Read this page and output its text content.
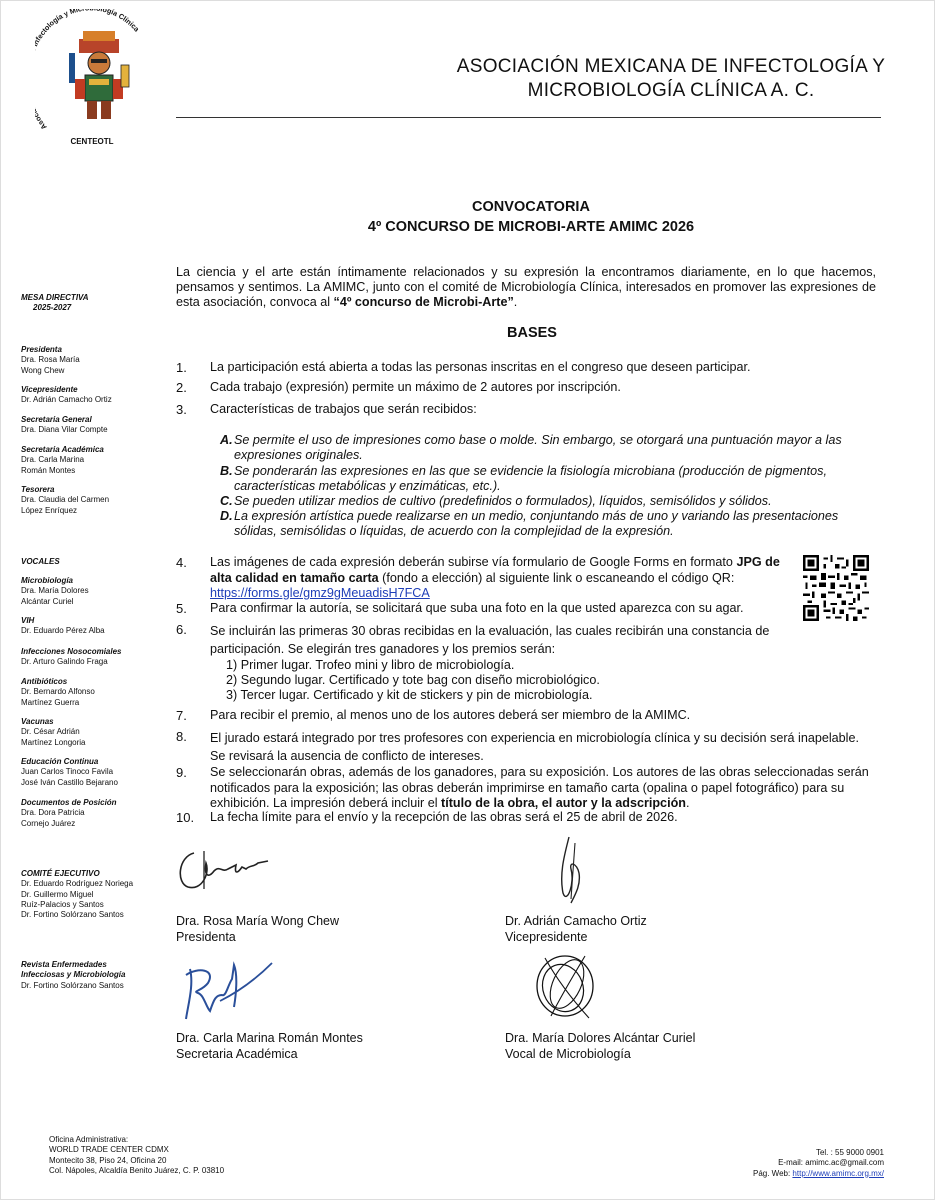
As ectología y Mi ogía Clínica
CENTEOTL
ASOCIACIÓN MEXICANA DE INFECTOLOGÍA Y
MICROBIOLOGÍA CLÍNICA A. C.
CONVOCATORIA
4º CONCURSO DE MICROBI-ARTE AMIMC 2026
MESA DIRECTIVA
2025-2027
Presidenta
Dra. Rosa María
Wong Chew
Vicepresidente
Dr. Adrián Camacho Ortiz
Secretaria General
Dra. Diana Vilar Compte
Secretaria Académica
Dra. Carla Marina
Román Montes
Tesorera
Dra. Claudia del Carmen
López Enríquez
VOCALES
Microbiología
Dra. María Dolores
Alcántar Curiel
VIH
Dr. Eduardo Pérez Alba
Infecciones Nosocomiales
Dr. Arturo Galindo Fraga
Antibióticos
Dr. Bernardo Alfonso
Martínez Guerra
Vacunas
Dr. César Adrián
Martínez Longoria
Educación Continua
Juan Carlos Tinoco Favila
José Iván Castillo Bejarano
Documentos de Posición
Dra. Dora Patricia
Cornejo Juárez
COMITÉ EJECUTIVO
Dr. Eduardo Rodríguez Noriega
Dr. Guillermo Miguel
Ruíz-Palacios y Santos
Dr. Fortino Solórzano Santos
Revista Enfermedades
Infecciosas y Microbiología
Dr. Fortino Solórzano Santos
La ciencia y el arte están íntimamente relacionados y su expresión la encontramos diariamente, en lo que hacemos, pensamos y sentimos. La AMIMC, junto con el comité de Microbiología Clínica, interesados en promover las expresiones de esta asociación, convoca al “4º concurso de Microbi-Arte”.
BASES
1.	La participación está abierta a todas las personas inscritas en el congreso que deseen participar.
2.	Cada trabajo (expresión) permite un máximo de 2 autores por inscripción.
3.	Características de trabajos que serán recibidos:
A. Se permite el uso de impresiones como base o molde. Sin embargo, se otorgará una puntuación mayor a las expresiones originales.
B. Se ponderarán las expresiones en las que se evidencie la fisiología microbiana (producción de pigmentos, características metabólicas y enzimáticas, etc.).
C. Se pueden utilizar medios de cultivo (predefinidos o formulados), líquidos, semisólidos y sólidos.
D. La expresión artística puede realizarse en un medio, conjuntando más de uno y variando las presentaciones sólidas, semisólidas o líquidas, de acuerdo con la complejidad de la expresión.
4.	Las imágenes de cada expresión deberán subirse vía formulario de Google Forms en formato JPG de alta calidad en tamaño carta (fondo a elección) al siguiente link o escaneando el código QR: https://forms.gle/gmz9gMeuadisH7FCA
5.	Para confirmar la autoría, se solicitará que suba una foto en la que usted aparezca con su agar.
6.	Se incluirán las primeras 30 obras recibidas en la evaluación, las cuales recibirán una constancia de participación. Se elegirán tres ganadores y los premios serán:
1) Primer lugar. Trofeo mini y libro de microbiología.
2) Segundo lugar. Certificado y tote bag con diseño microbiológico.
3) Tercer lugar. Certificado y kit de stickers y pin de microbiología.
7.	Para recibir el premio, al menos uno de los autores deberá ser miembro de la AMIMC.
8.	El jurado estará integrado por tres profesores con experiencia en microbiología clínica y su decisión será inapelable. Se revisará la ausencia de conflicto de intereses.
9.	Se seleccionarán obras, además de los ganadores, para su exposición. Los autores de las obras seleccionadas serán notificados para la exposición; las obras deberán imprimirse en tamaño carta (opalina o papel fotográfico) para su exhibición. La impresión deberá incluir el título de la obra, el autor y la adscripción.
10.	La fecha límite para el envío y la recepción de las obras será el 25 de abril de 2026.
Dra. Rosa María Wong Chew
Presidenta
Dr. Adrián Camacho Ortiz
Vicepresidente
Dra. Carla Marina Román Montes
Secretaria Académica
Dra. María Dolores Alcántar Curiel
Vocal de Microbiología
Oficina Administrativa:
WORLD TRADE CENTER CDMX
Montecito 38, Piso 24, Oficina 20
Col. Nápoles, Alcaldía Benito Juárez, C. P. 03810
Tel. : 55 9000 0901
E-mail: amimc.ac@gmail.com
Pág. Web: http://www.amimc.org.mx/
